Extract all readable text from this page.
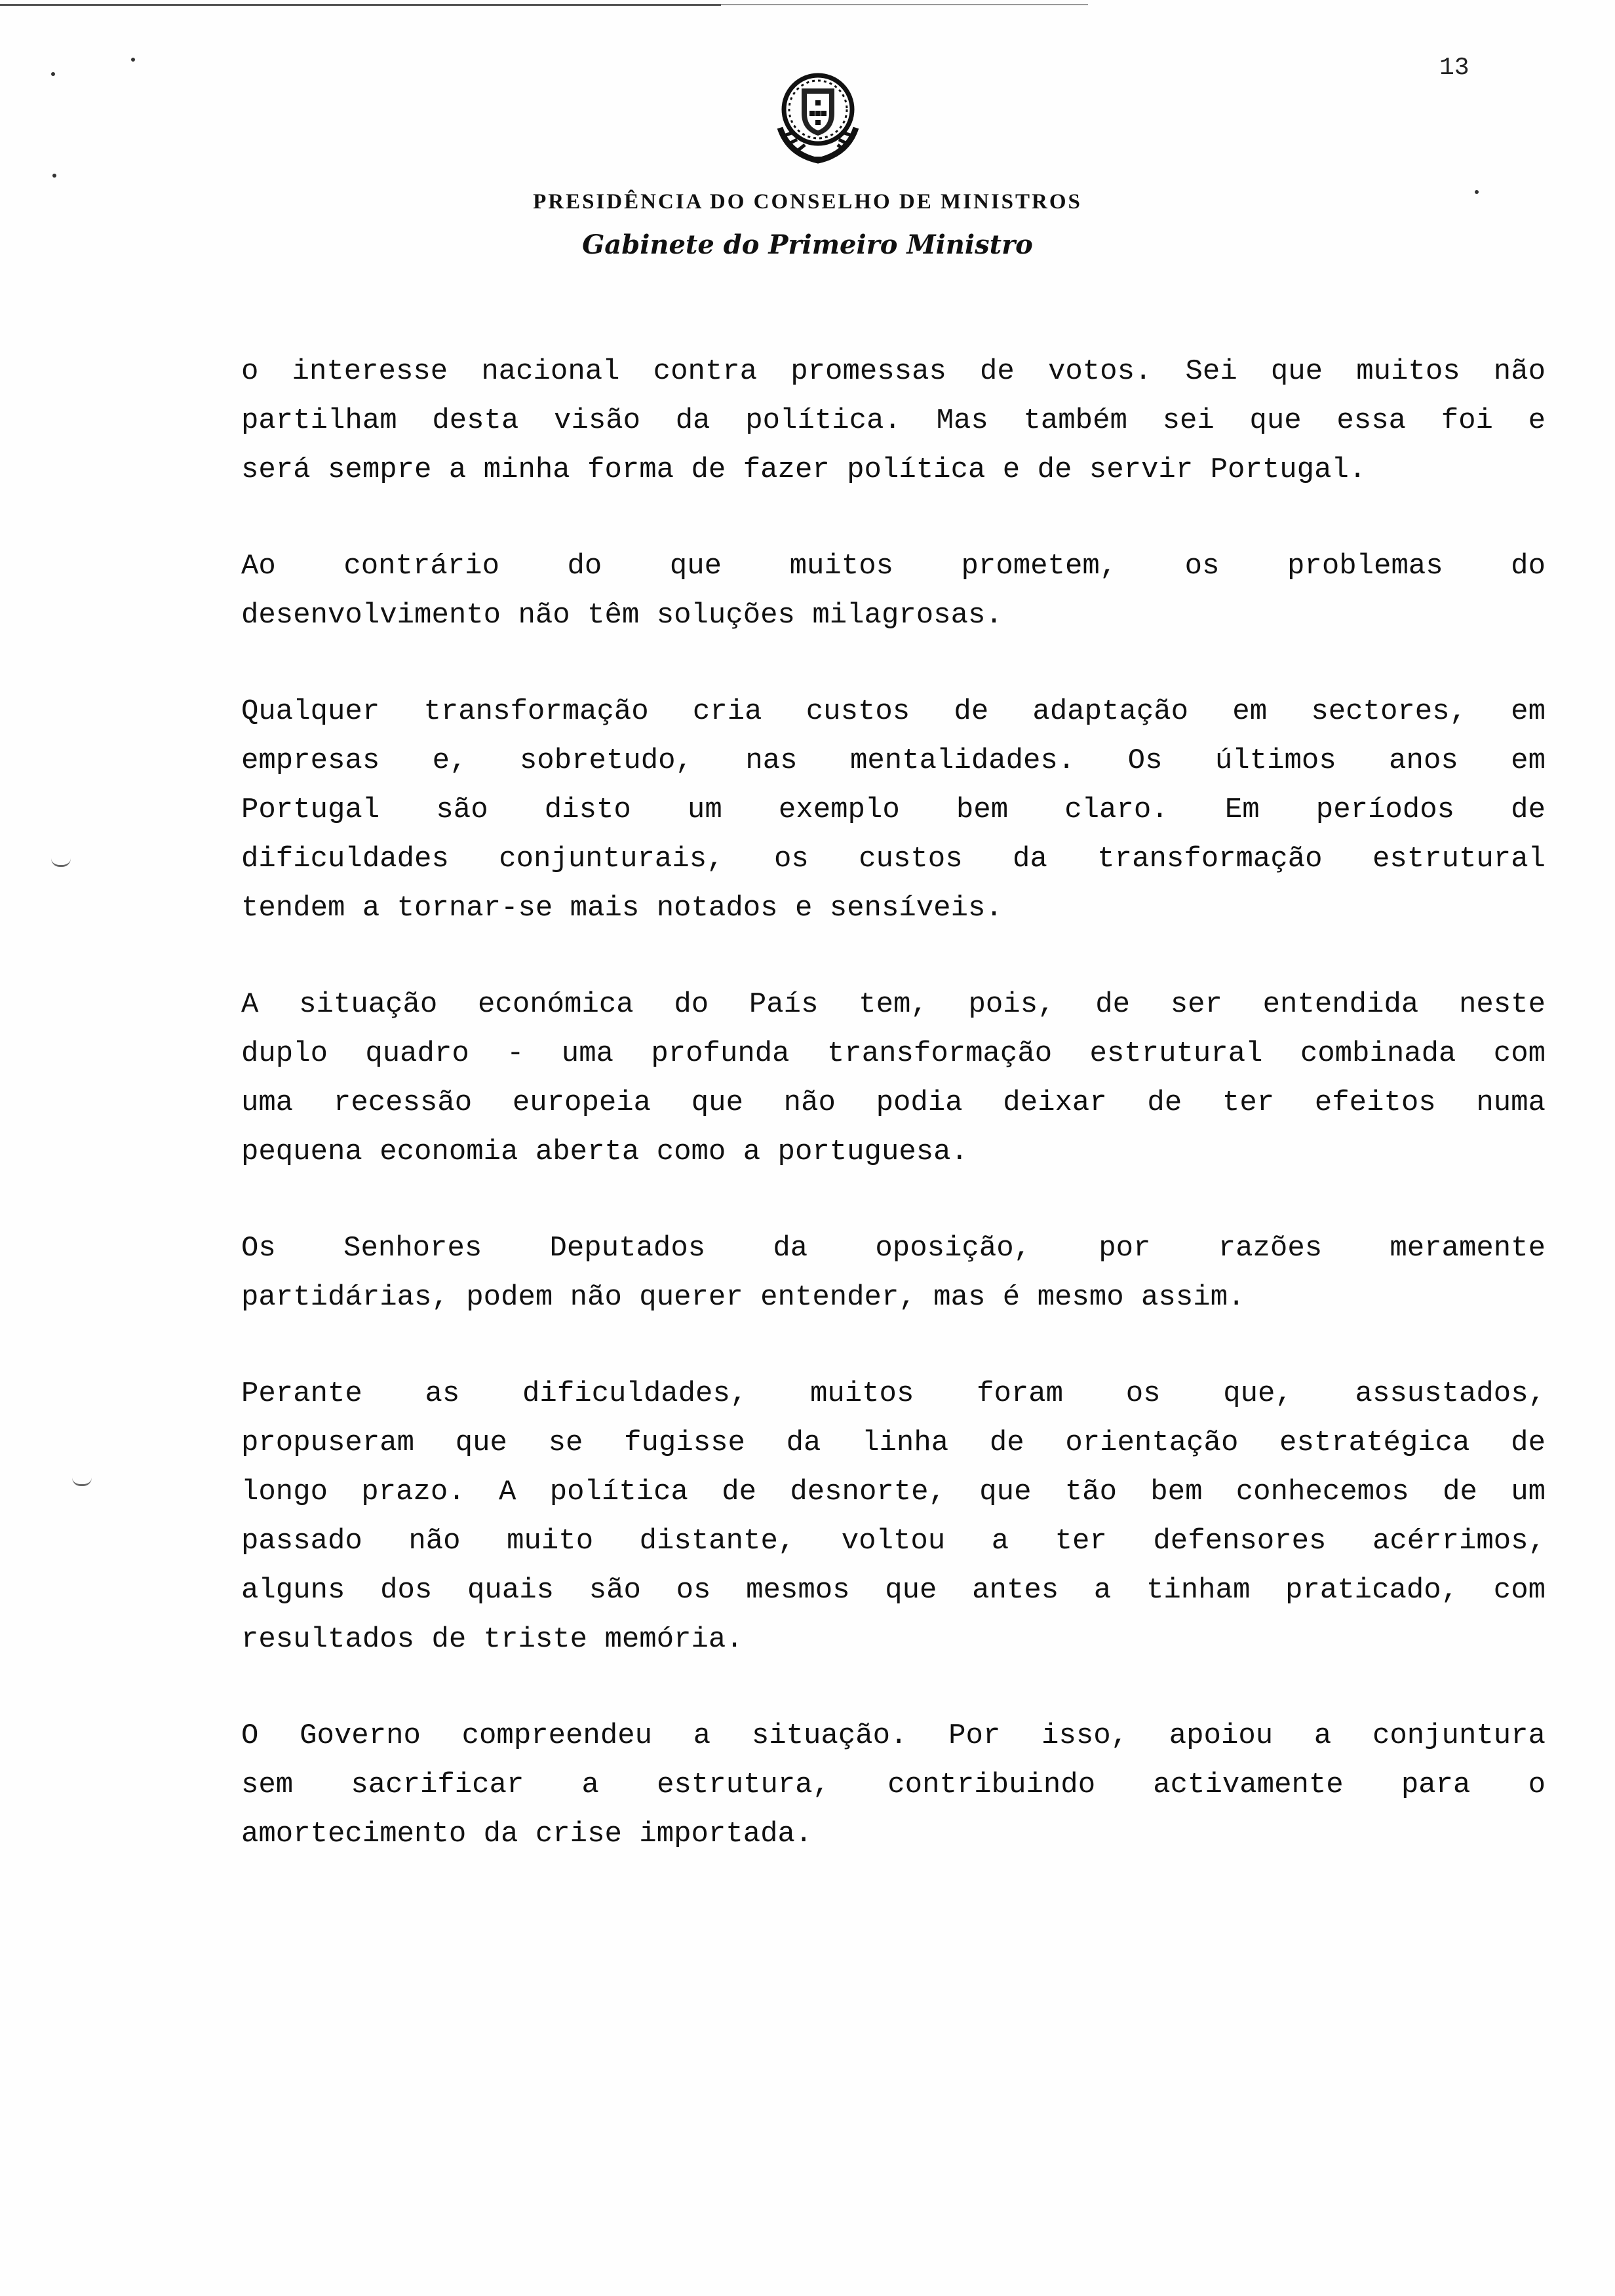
13
PRESIDÊNCIA DO CONSELHO DE MINISTROS
Gabinete do Primeiro Ministro
o interesse nacional contra promessas de votos. Sei que muitos não
partilham desta visão da política. Mas também sei que essa foi e
será sempre a minha forma de fazer política e de servir Portugal.
Ao contrário do que muitos prometem, os problemas do
desenvolvimento não têm soluções milagrosas.
Qualquer transformação cria custos de adaptação em sectores, em
empresas e, sobretudo, nas mentalidades. Os últimos anos em
Portugal são disto um exemplo bem claro. Em períodos de
dificuldades conjunturais, os custos da transformação estrutural
tendem a tornar-se mais notados e sensíveis.
A situação económica do País tem, pois, de ser entendida neste
duplo quadro - uma profunda transformação estrutural combinada com
uma recessão europeia que não podia deixar de ter efeitos numa
pequena economia aberta como a portuguesa.
Os Senhores Deputados da oposição, por razões meramente
partidárias, podem não querer entender, mas é mesmo assim.
Perante as dificuldades, muitos foram os que, assustados,
propuseram que se fugisse da linha de orientação estratégica de
longo prazo. A política de desnorte, que tão bem conhecemos de um
passado não muito distante, voltou a ter defensores acérrimos,
alguns dos quais são os mesmos que antes a tinham praticado, com
resultados de triste memória.
O Governo compreendeu a situação. Por isso, apoiou a conjuntura
sem sacrificar a estrutura, contribuindo activamente para o
amortecimento da crise importada.
